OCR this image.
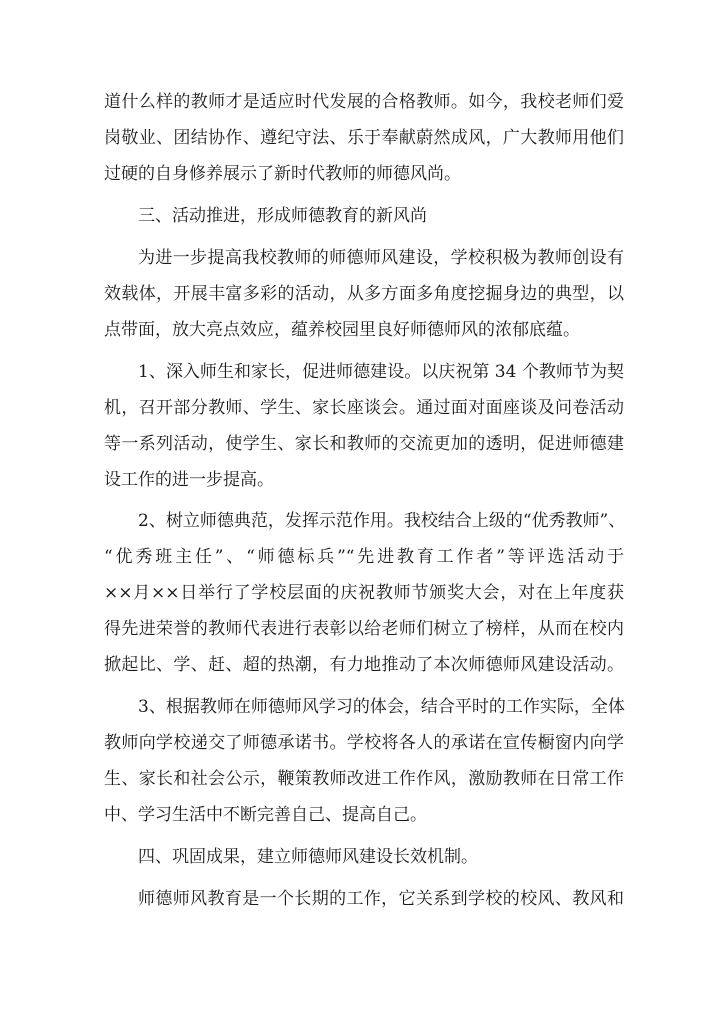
道什么样的教师才是适应时代发展的合格教师。如今，我校老师们爱
岗敬业、团结协作、遵纪守法、乐于奉献蔚然成风，广大教师用他们
过硬的自身修养展示了新时代教师的师德风尚。
三、活动推进，形成师德教育的新风尚
为进一步提高我校教师的师德师风建设，学校积极为教师创设有
效载体，开展丰富多彩的活动，从多方面多角度挖掘身边的典型，以
点带面，放大亮点效应，蕴养校园里良好师德师风的浓郁底蕴。
1、深入师生和家长，促进师德建设。以庆祝第 34 个教师节为契
机，召开部分教师、学生、家长座谈会。通过面对面座谈及问卷活动
等一系列活动，使学生、家长和教师的交流更加的透明，促进师德建
设工作的进一步提高。
2、树立师德典范，发挥示范作用。我校结合上级的“优秀教师”、
“优秀班主任”、“师德标兵”“先进教育工作者”等评选活动于
××月××日举行了学校层面的庆祝教师节颁奖大会，对在上年度获
得先进荣誉的教师代表进行表彰以给老师们树立了榜样，从而在校内
掀起比、学、赶、超的热潮，有力地推动了本次师德师风建设活动。
3、根据教师在师德师风学习的体会，结合平时的工作实际，全体
教师向学校递交了师德承诺书。学校将各人的承诺在宣传橱窗内向学
生、家长和社会公示，鞭策教师改进工作作风，激励教师在日常工作
中、学习生活中不断完善自己、提高自己。
四、巩固成果，建立师德师风建设长效机制。
师德师风教育是一个长期的工作，它关系到学校的校风、教风和
